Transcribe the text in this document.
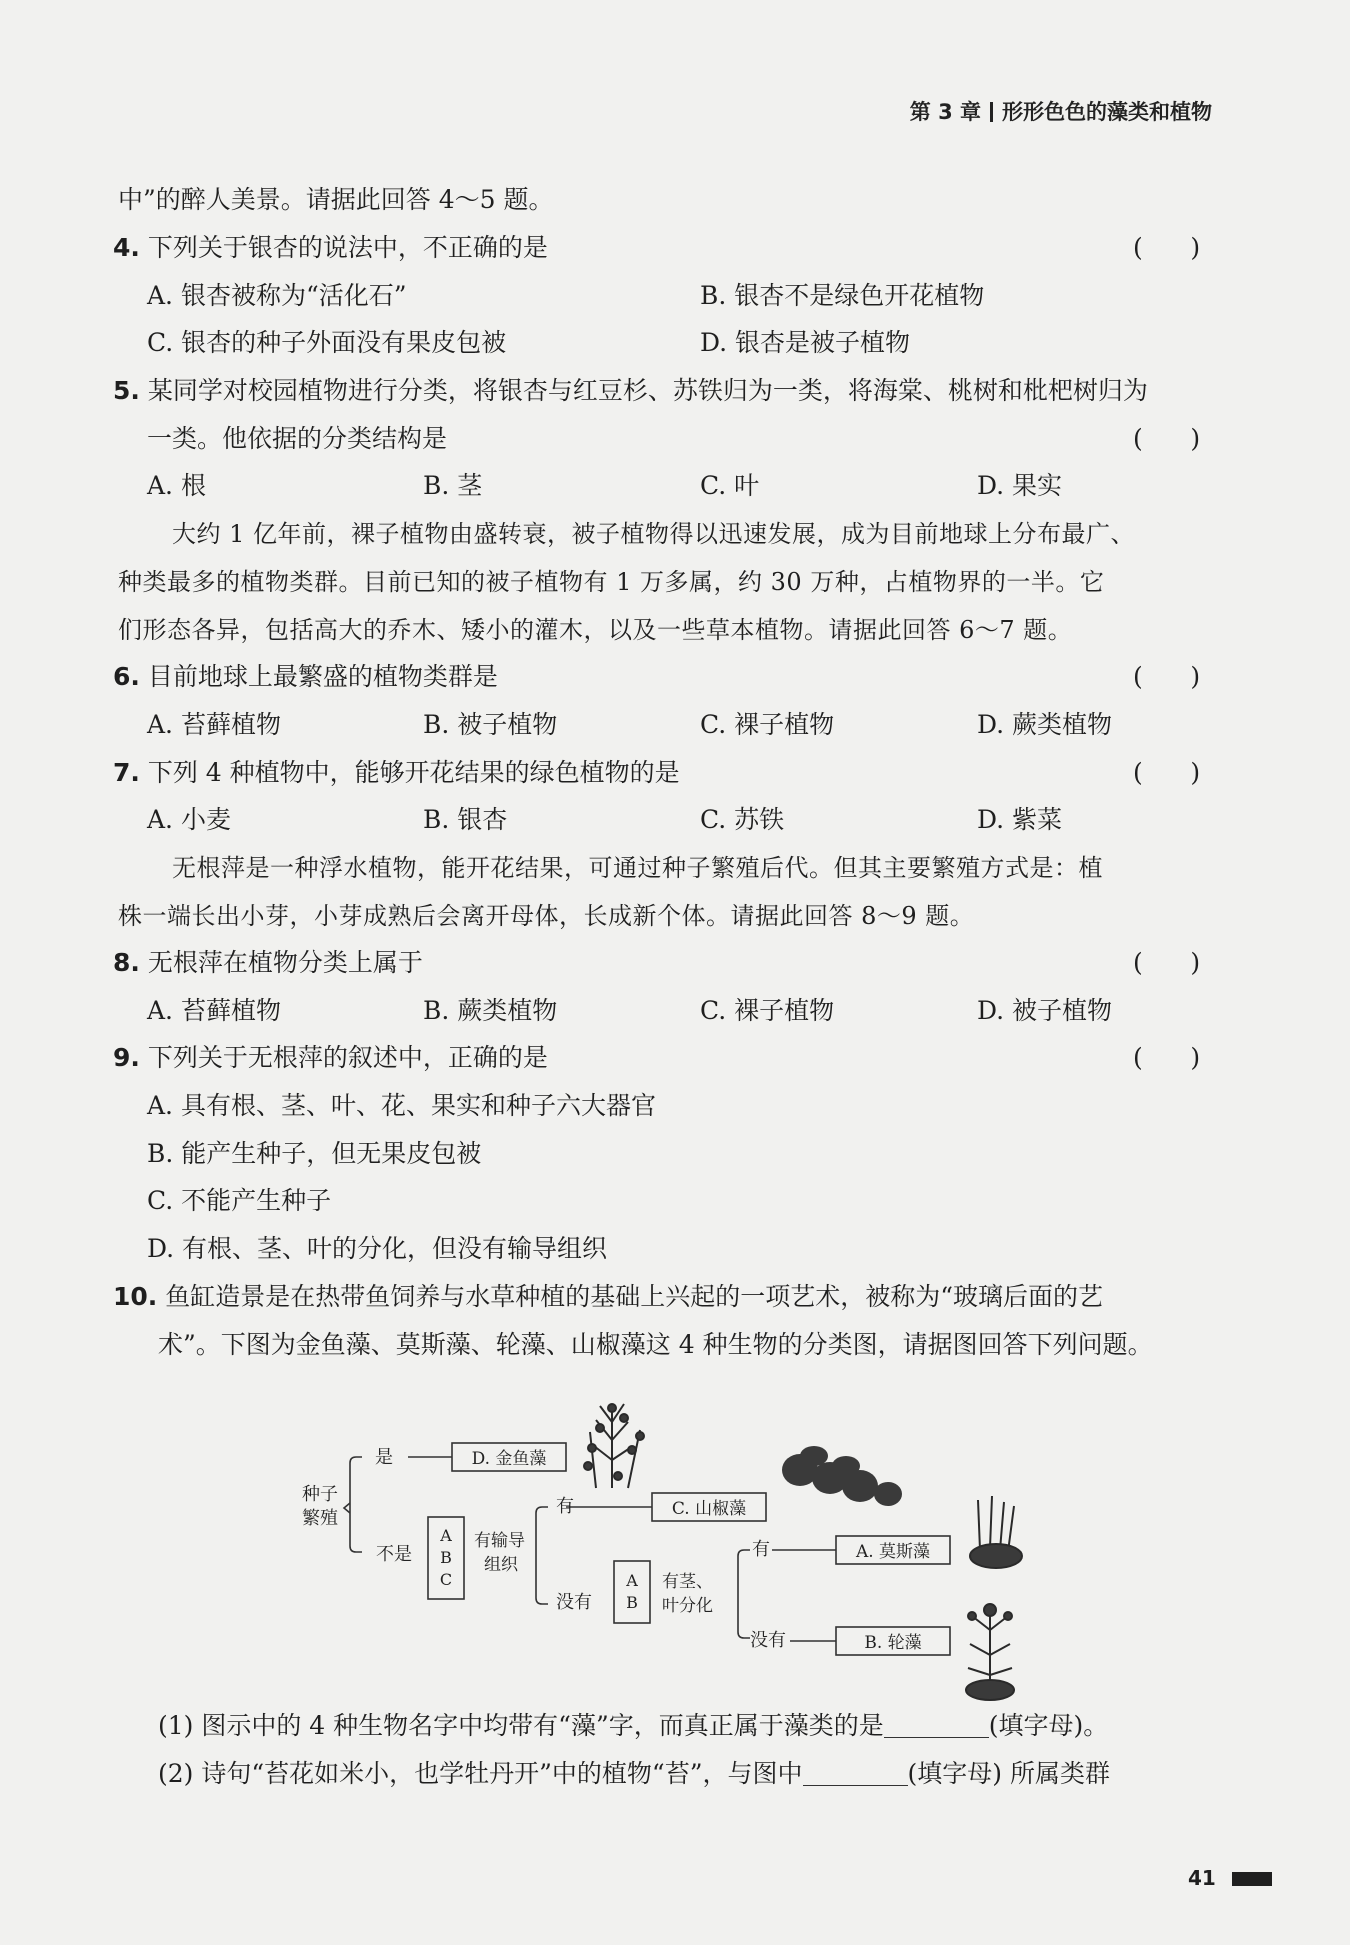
第 3 章 形形色色的藻类和植物
中”的醉人美景。请据此回答 4～5 题。
4. 下列关于银杏的说法中，不正确的是	(      )
A. 银杏被称为“活化石”	B. 银杏不是绿色开花植物
C. 银杏的种子外面没有果皮包被	D. 银杏是被子植物
5. 某同学对校园植物进行分类，将银杏与红豆杉、苏铁归为一类，将海棠、桃树和枇杷树归为
一类。他依据的分类结构是	(      )
A. 根	B. 茎	C. 叶	D. 果实
大约 1 亿年前，裸子植物由盛转衰，被子植物得以迅速发展，成为目前地球上分布最广、
种类最多的植物类群。目前已知的被子植物有 1 万多属，约 30 万种，占植物界的一半。它
们形态各异，包括高大的乔木、矮小的灌木，以及一些草本植物。请据此回答 6～7 题。
6. 目前地球上最繁盛的植物类群是	(      )
A. 苔藓植物	B. 被子植物	C. 裸子植物	D. 蕨类植物
7. 下列 4 种植物中，能够开花结果的绿色植物的是	(      )
A. 小麦	B. 银杏	C. 苏铁	D. 紫菜
无根萍是一种浮水植物，能开花结果，可通过种子繁殖后代。但其主要繁殖方式是：植
株一端长出小芽，小芽成熟后会离开母体，长成新个体。请据此回答 8～9 题。
8. 无根萍在植物分类上属于	(      )
A. 苔藓植物	B. 蕨类植物	C. 裸子植物	D. 被子植物
9. 下列关于无根萍的叙述中，正确的是	(      )
A. 具有根、茎、叶、花、果实和种子六大器官
B. 能产生种子，但无果皮包被
C. 不能产生种子
D. 有根、茎、叶的分化，但没有输导组织
10. 鱼缸造景是在热带鱼饲养与水草种植的基础上兴起的一项艺术，被称为“玻璃后面的艺
术”。下图为金鱼藻、莫斯藻、轮藻、山椒藻这 4 种生物的分类图，请据图回答下列问题。
种子
繁殖
是
不是
D. 金鱼藻
A
B
C
有输导
组织
有	C. 山椒藻
没有
A
B
有茎、
叶分化
有	A. 莫斯藻
没有	B. 轮藻
(1) 图示中的 4 种生物名字中均带有“藻”字，而真正属于藻类的是	(填字母)。
(2) 诗句“苔花如米小，也学牡丹开”中的植物“苔”，与图中	(填字母) 所属类群
41
